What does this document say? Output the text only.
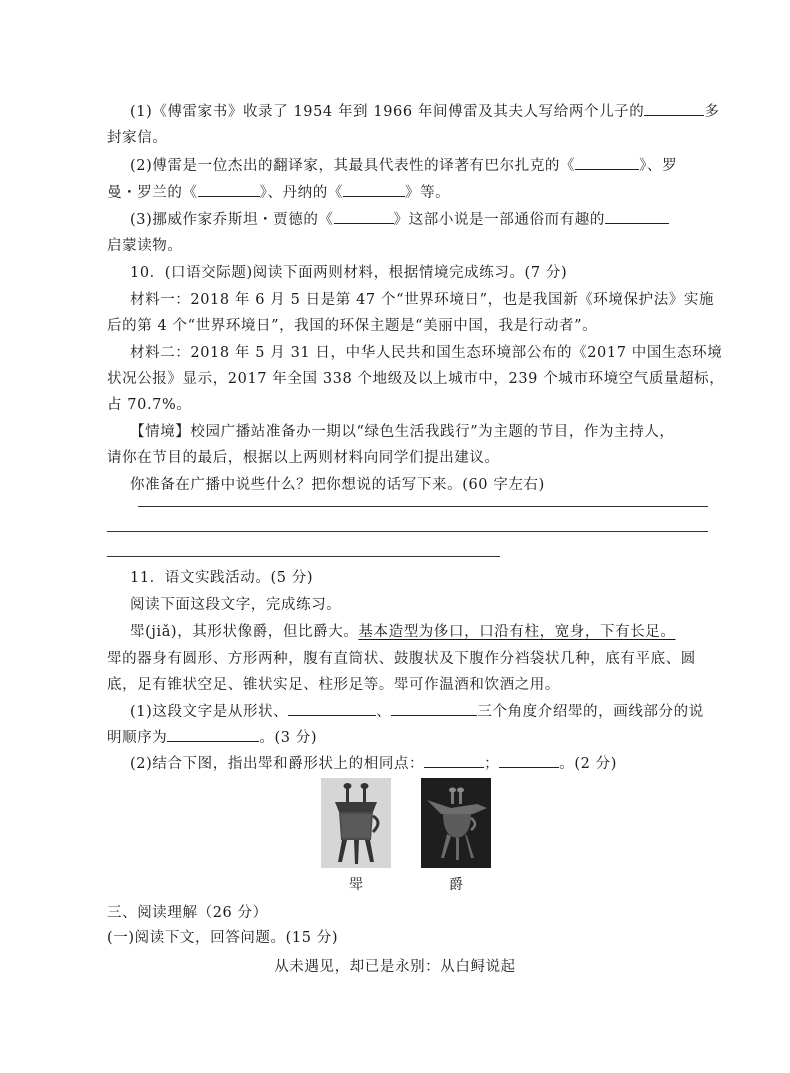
(1)《傅雷家书》收录了 1954 年到 1966 年间傅雷及其夫人写给两个儿子的	多
封家信。
(2)傅雷是一位杰出的翻译家，其最具代表性的译著有巴尔扎克的《	》、罗
曼・罗兰的《	》、丹纳的《	》等。
(3)挪威作家乔斯坦・贾德的《	》这部小说是一部通俗而有趣的
启蒙读物。
10．(口语交际题)阅读下面两则材料，根据情境完成练习。(7 分)
材料一：2018 年 6 月 5 日是第 47 个“世界环境日”，也是我国新《环境保护法》实施
后的第 4 个“世界环境日”，我国的环保主题是“美丽中国，我是行动者”。
材料二：2018 年 5 月 31 日，中华人民共和国生态环境部公布的《2017 中国生态环境
状况公报》显示，2017 年全国 338 个地级及以上城市中，239 个城市环境空气质量超标，
占 70.7%。
【情境】校园广播站准备办一期以“绿色生活我践行”为主题的节目，作为主持人，
请你在节目的最后，根据以上两则材料向同学们提出建议。
你准备在广播中说些什么？把你想说的话写下来。(60 字左右)
11．语文实践活动。(5 分)
阅读下面这段文字，完成练习。
斝(jiǎ)，其形状像爵，但比爵大。基本造型为侈口，口沿有柱，宽身，下有长足。
斝的器身有圆形、方形两种，腹有直筒状、鼓腹状及下腹作分裆袋状几种，底有平底、圆
底，足有锥状空足、锥状实足、柱形足等。斝可作温酒和饮酒之用。
(1)这段文字是从形状、	、	三个角度介绍斝的，画线部分的说
明顺序为	。(3 分)
(2)结合下图，指出斝和爵形状上的相同点：	；	。(2 分)
斝	爵
三、阅读理解（26 分）
(一)阅读下文，回答问题。(15 分)
从未遇见，却已是永别：从白鲟说起
